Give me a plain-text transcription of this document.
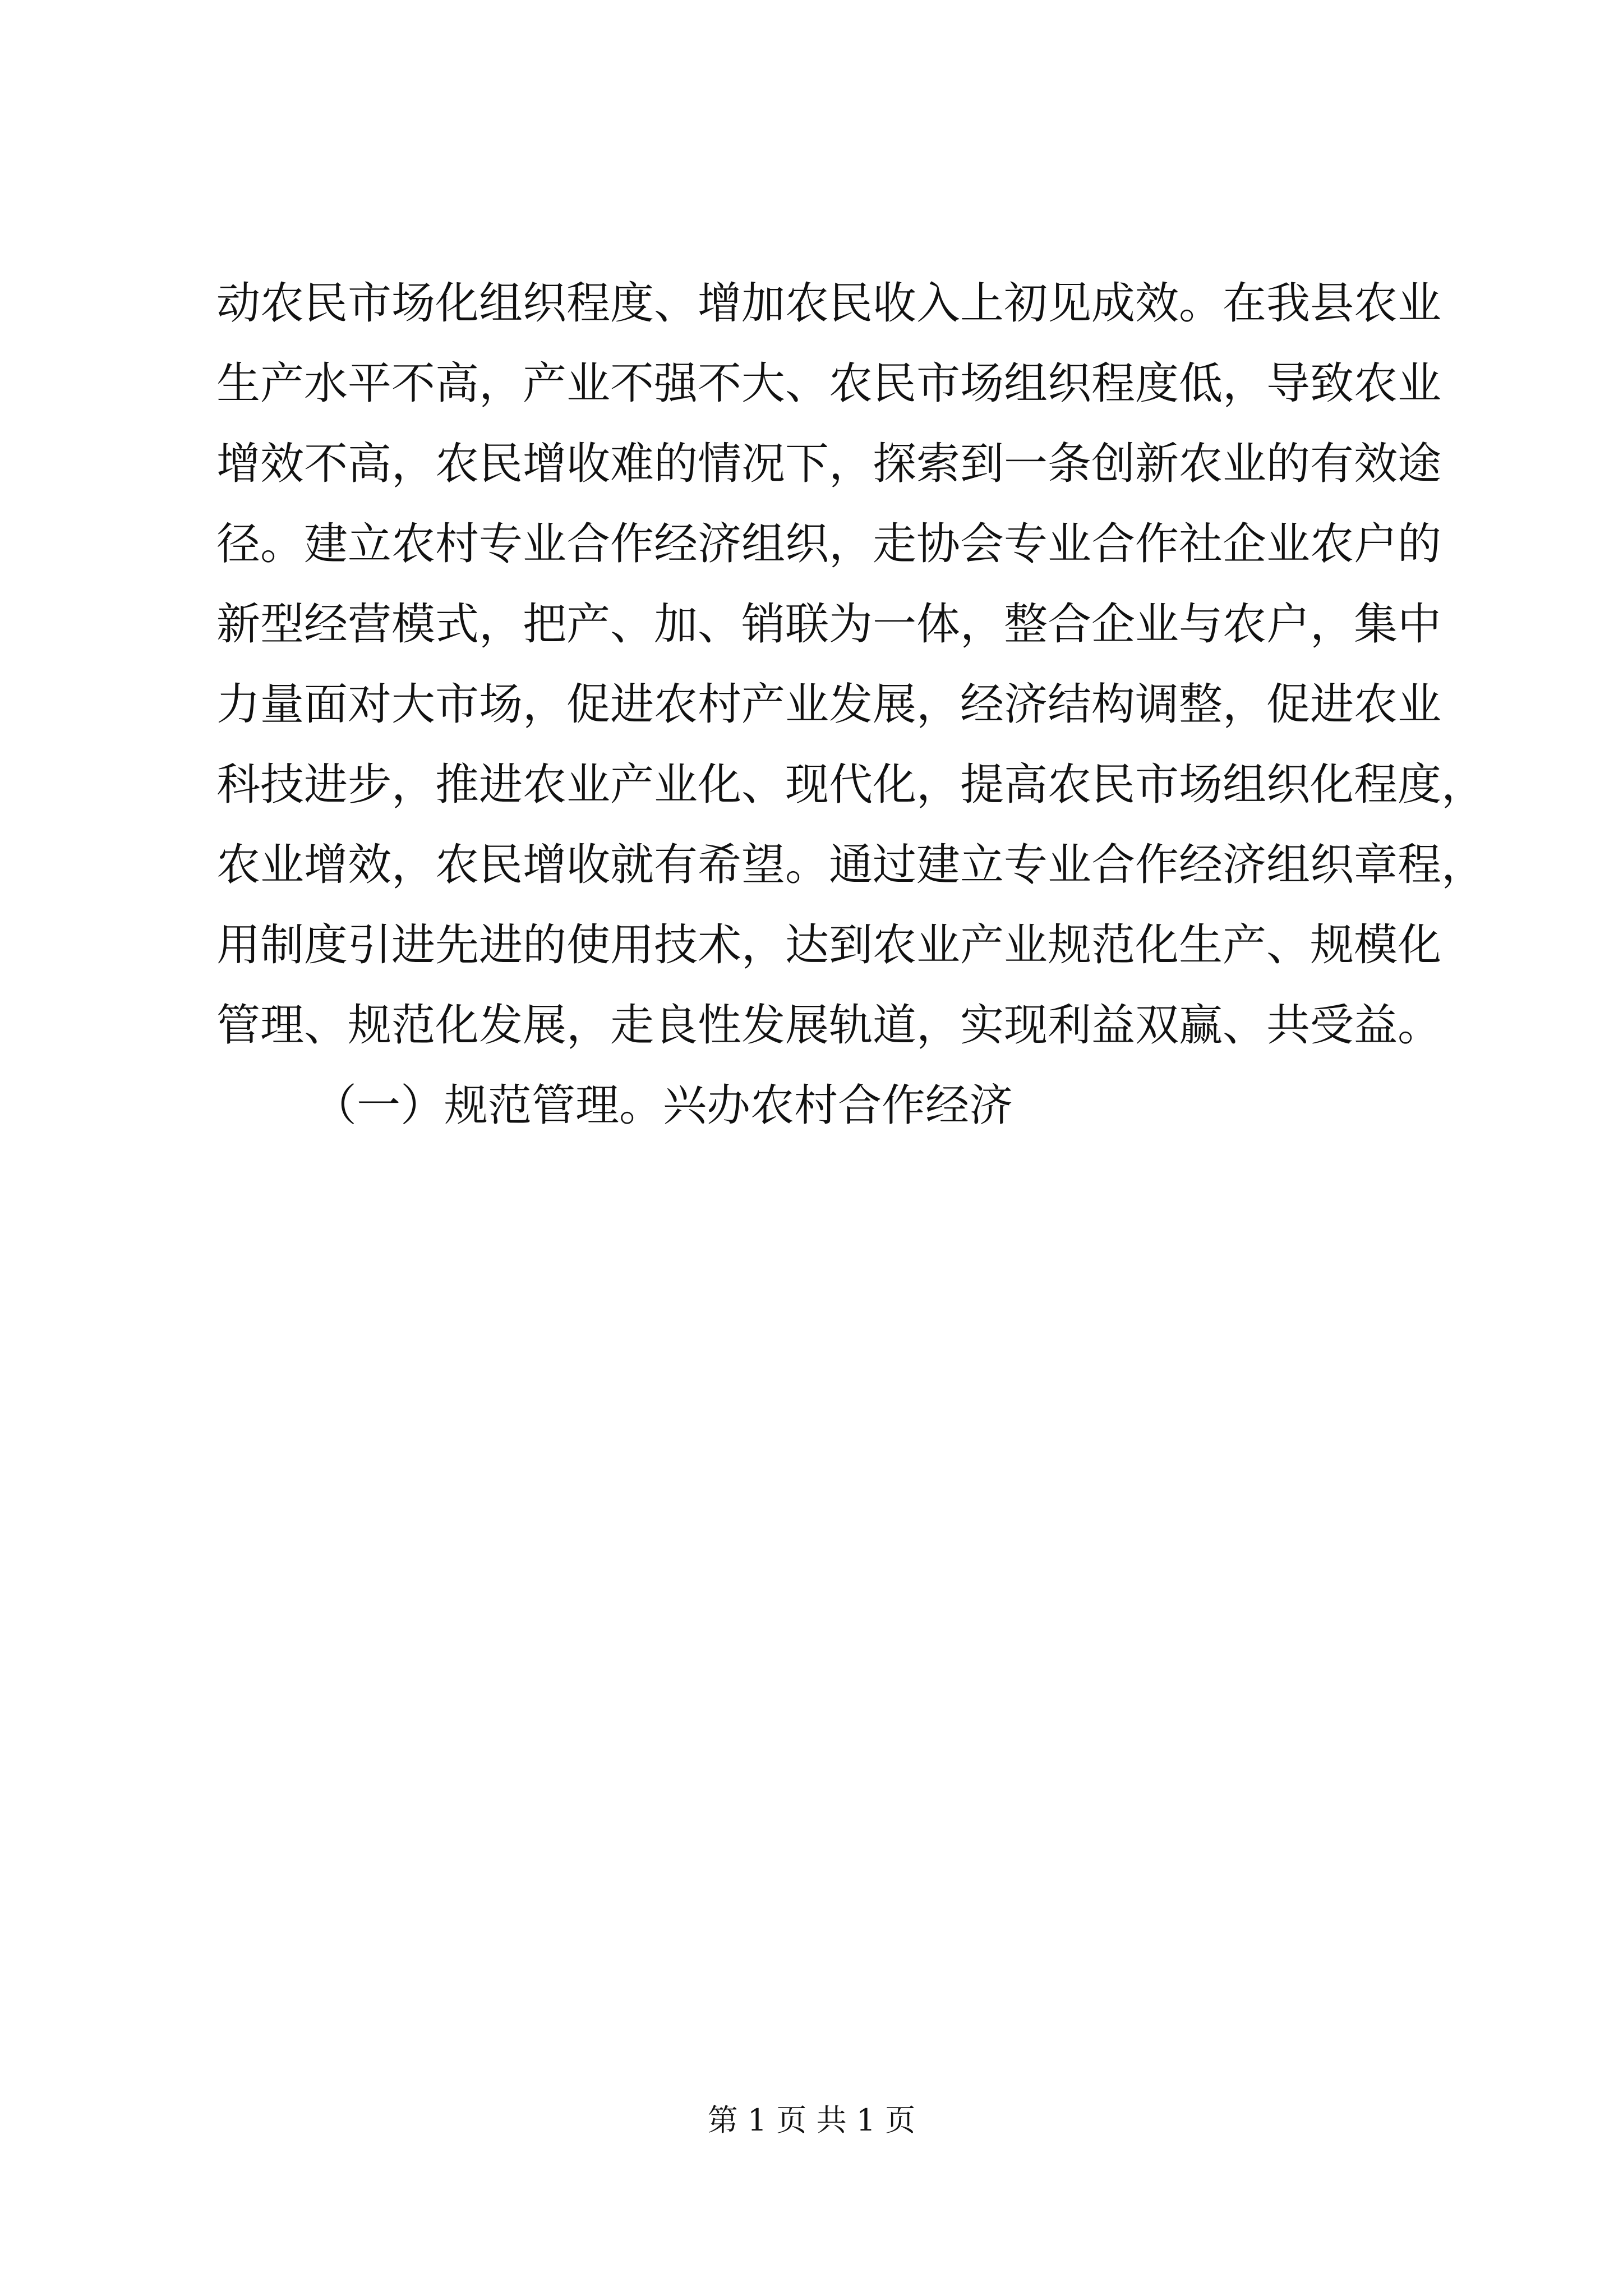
动农民市场化组织程度、增加农民收入上初见成效。在我县农业
生产水平不高，产业不强不大、农民市场组织程度低，导致农业
增效不高，农民增收难的情况下，探索到一条创新农业的有效途
径。建立农村专业合作经济组织，走协会专业合作社企业农户的
新型经营模式，把产、加、销联为一体，整合企业与农户，集中
力量面对大市场，促进农村产业发展，经济结构调整，促进农业
科技进步，推进农业产业化、现代化，提高农民市场组织化程度，
农业增效，农民增收就有希望。通过建立专业合作经济组织章程，
用制度引进先进的使用技术，达到农业产业规范化生产、规模化
管理、规范化发展，走良性发展轨道，实现利益双赢、共受益。
（一）规范管理。兴办农村合作经济
第 1 页 共 1 页
